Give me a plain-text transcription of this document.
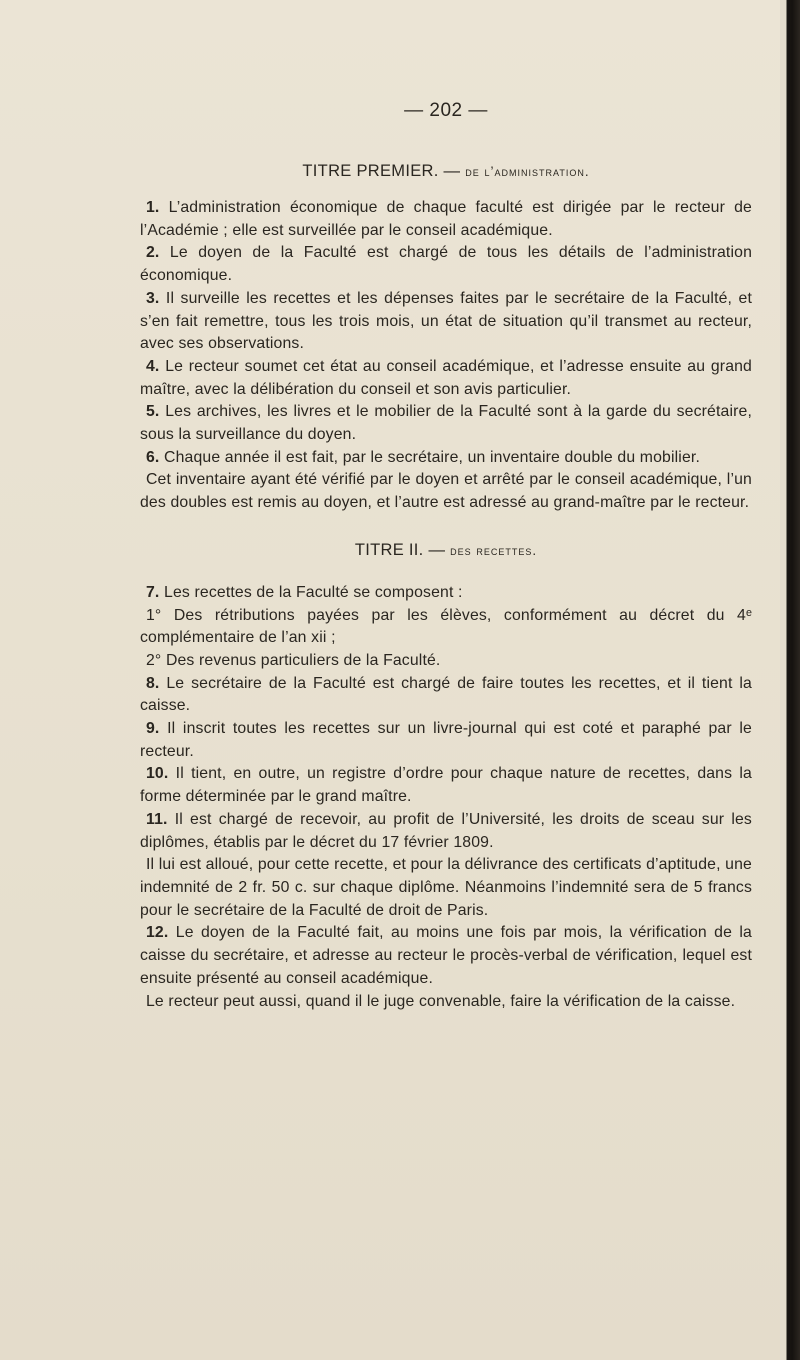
— 202 —
TITRE PREMIER. — de l’administration.

1. L’administration économique de chaque faculté est dirigée par le recteur de l’Académie ; elle est surveillée par le conseil académique.

2. Le doyen de la Faculté est chargé de tous les détails de l’administration économique.

3. Il surveille les recettes et les dépenses faites par le secrétaire de la Faculté, et s’en fait remettre, tous les trois mois, un état de situation qu’il transmet au recteur, avec ses observations.

4. Le recteur soumet cet état au conseil académique, et l’adresse ensuite au grand maître, avec la délibération du conseil et son avis particulier.

5. Les archives, les livres et le mobilier de la Faculté sont à la garde du secrétaire, sous la surveillance du doyen.

6. Chaque année il est fait, par le secrétaire, un inventaire double du mobilier.

Cet inventaire ayant été vérifié par le doyen et arrêté par le conseil académique, l’un des doubles est remis au doyen, et l’autre est adressé au grand-maître par le recteur.

TITRE II. — des recettes.

7. Les recettes de la Faculté se composent :

1° Des rétributions payées par les élèves, conformément au décret du 4ᵉ complémentaire de l’an xii ;

2° Des revenus particuliers de la Faculté.

8. Le secrétaire de la Faculté est chargé de faire toutes les recettes, et il tient la caisse.

9. Il inscrit toutes les recettes sur un livre-journal qui est coté et paraphé par le recteur.

10. Il tient, en outre, un registre d’ordre pour chaque nature de recettes, dans la forme déterminée par le grand maître.

11. Il est chargé de recevoir, au profit de l’Université, les droits de sceau sur les diplômes, établis par le décret du 17 février 1809.

Il lui est alloué, pour cette recette, et pour la délivrance des certificats d’aptitude, une indemnité de 2 fr. 50 c. sur chaque diplôme. Néanmoins l’indemnité sera de 5 francs pour le secrétaire de la Faculté de droit de Paris.

12. Le doyen de la Faculté fait, au moins une fois par mois, la vérification de la caisse du secrétaire, et adresse au recteur le procès-verbal de vérification, lequel est ensuite présenté au conseil académique.

Le recteur peut aussi, quand il le juge convenable, faire la vérification de la caisse.
